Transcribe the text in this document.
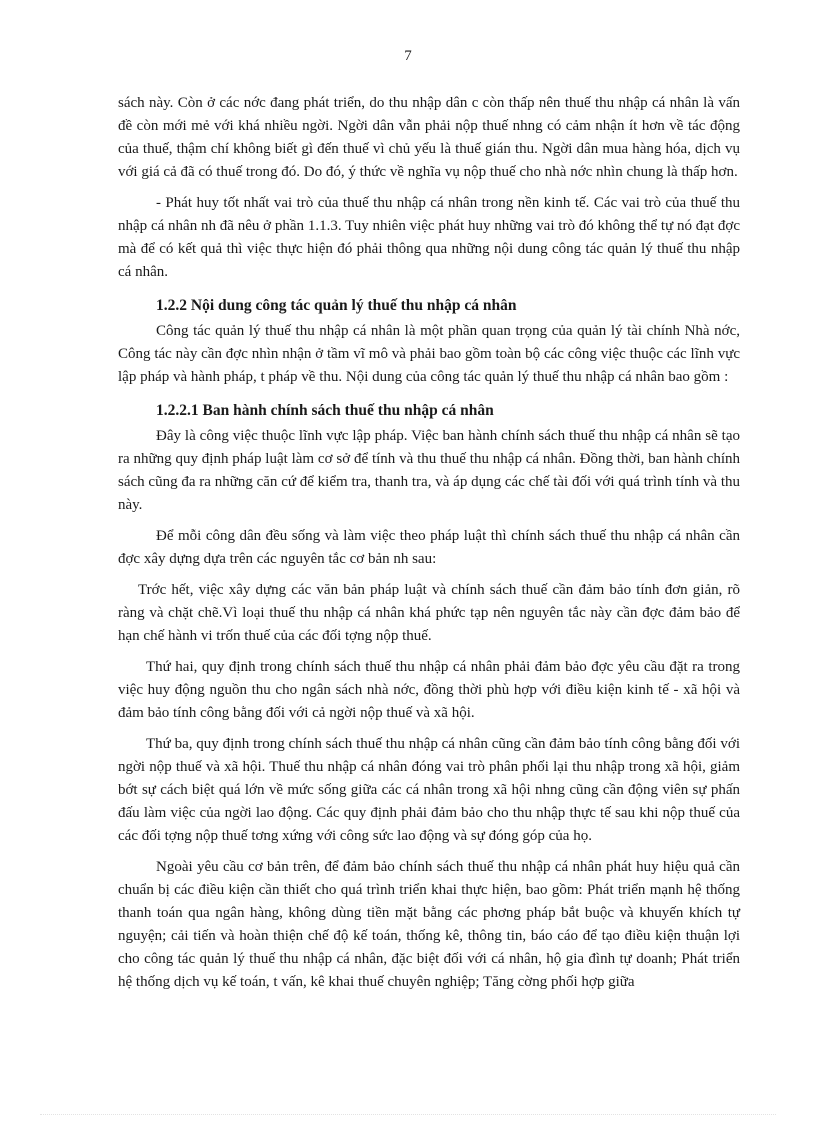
7

sách này. Còn ở các nớc đang phát triển, do thu nhập dân c còn thấp nên thuế thu nhập cá nhân là vấn đề còn mới mẻ với khá nhiều ngời. Ngời dân vẫn phải nộp thuế nhng có cảm nhận ít hơn về tác động của thuế, thậm chí không biết gì đến thuế vì chủ yếu là thuế gián thu. Ngời dân mua hàng hóa, dịch vụ với giá cả đã có thuế trong đó. Do đó, ý thức về nghĩa vụ nộp thuế cho nhà nớc nhìn chung là thấp hơn.

- Phát huy tốt nhất vai trò của thuế thu nhập cá nhân trong nền kinh tế. Các vai trò của thuế thu nhập cá nhân nh đã nêu ở phần 1.1.3. Tuy nhiên việc phát huy những vai trò đó không thể tự nó đạt đợc mà để có kết quả thì việc thực hiện đó phải thông qua những nội dung công tác quản lý thuế thu nhập cá nhân.

1.2.2 Nội dung công tác quản lý thuế thu nhập cá nhân

Công tác quản lý thuế thu nhập cá nhân là một phần quan trọng của quản lý tài chính Nhà nớc, Công tác này cần đợc nhìn nhận ở tầm vĩ mô và phải bao gồm toàn bộ các công việc thuộc các lĩnh vực lập pháp và hành pháp, t pháp về thu. Nội dung của công tác quản lý thuế thu nhập cá nhân bao gồm :

1.2.2.1 Ban hành chính sách thuế thu nhập cá nhân

Đây là công việc thuộc lĩnh vực lập pháp. Việc ban hành chính sách thuế thu nhập cá nhân sẽ tạo ra những quy định pháp luật làm cơ sở để tính và thu thuế thu nhập cá nhân. Đồng thời, ban hành chính sách cũng đa ra những căn cứ để kiểm tra, thanh tra, và áp dụng các chế tài đối với quá trình tính và thu này.

Để mỗi công dân đều sống và làm việc theo pháp luật thì chính sách thuế thu nhập cá nhân cần đợc xây dựng dựa trên các nguyên tắc cơ bản nh sau:

Trớc hết, việc xây dựng các văn bản pháp luật và chính sách thuế cần đảm bảo tính đơn giản, rõ ràng và chặt chẽ.Vì loại thuế thu nhập cá nhân khá phức tạp nên nguyên tắc này cần đợc đảm bảo để hạn chế hành vi trốn thuế của các đối tợng nộp thuế.

Thứ hai, quy định trong chính sách thuế thu nhập cá nhân phải đảm bảo đợc yêu cầu đặt ra trong việc huy động nguồn thu cho ngân sách nhà nớc, đồng thời phù hợp với điều kiện kinh tế - xã hội và đảm bảo tính công bằng đối với cả ngời nộp thuế và xã hội.

Thứ ba, quy định trong chính sách thuế thu nhập cá nhân cũng cần đảm bảo tính công bằng đối với ngời nộp thuế và xã hội. Thuế thu nhập cá nhân đóng vai trò phân phối lại thu nhập trong xã hội, giảm bớt sự cách biệt quá lớn về mức sống giữa các cá nhân trong xã hội nhng cũng cần động viên sự phấn đấu làm việc của ngời lao động. Các quy định phải đảm bảo cho thu nhập thực tế sau khi nộp thuế của các đối tợng nộp thuế tơng xứng với công sức lao động và sự đóng góp của họ.

Ngoài yêu cầu cơ bản trên, để đảm bảo chính sách thuế thu nhập cá nhân phát huy hiệu quả cần chuẩn bị các điều kiện cần thiết cho quá trình triển khai thực hiện, bao gồm: Phát triển mạnh hệ thống thanh toán qua ngân hàng, không dùng tiền mặt bằng các phơng pháp bắt buộc và khuyến khích tự nguyện; cải tiến và hoàn thiện chế độ kế toán, thống kê, thông tin, báo cáo để tạo điều kiện thuận lợi cho công tác quản lý thuế thu nhập cá nhân, đặc biệt đối với cá nhân, hộ gia đình tự doanh; Phát triển hệ thống dịch vụ kế toán, t vấn, kê khai thuế chuyên nghiệp; Tăng cờng phối hợp giữa
